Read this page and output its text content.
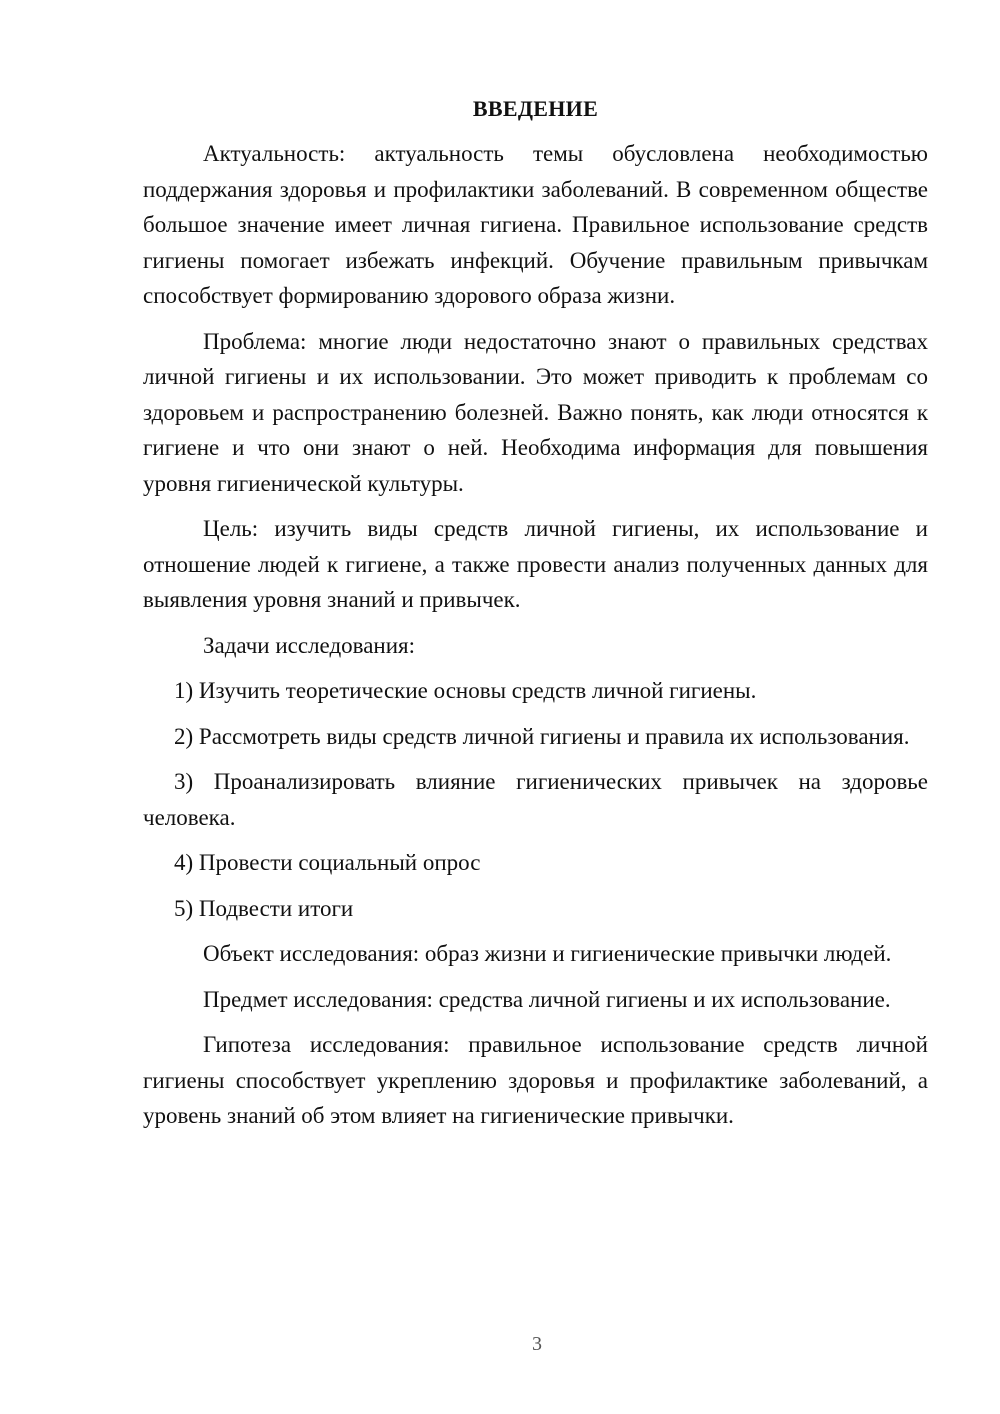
ВВЕДЕНИЕ

Актуальность: актуальность темы обусловлена необходимостью поддержания здоровья и профилактики заболеваний. В современном обществе большое значение имеет личная гигиена. Правильное использование средств гигиены помогает избежать инфекций. Обучение правильным привычкам способствует формированию здорового образа жизни.

Проблема: многие люди недостаточно знают о правильных средствах личной гигиены и их использовании. Это может приводить к проблемам со здоровьем и распространению болезней. Важно понять, как люди относятся к гигиене и что они знают о ней. Необходима информация для повышения уровня гигиенической культуры.

Цель: изучить виды средств личной гигиены, их использование и отношение людей к гигиене, а также провести анализ полученных данных для выявления уровня знаний и привычек.

Задачи исследования:

1) Изучить теоретические основы средств личной гигиены.

2) Рассмотреть виды средств личной гигиены и правила их использования.

3) Проанализировать влияние гигиенических привычек на здоровье человека.

4) Провести социальный опрос

5) Подвести итоги

Объект исследования: образ жизни и гигиенические привычки людей.

Предмет исследования: средства личной гигиены и их использование.

Гипотеза исследования: правильное использование средств личной гигиены способствует укреплению здоровья и профилактике заболеваний, а уровень знаний об этом влияет на гигиенические привычки.

3
